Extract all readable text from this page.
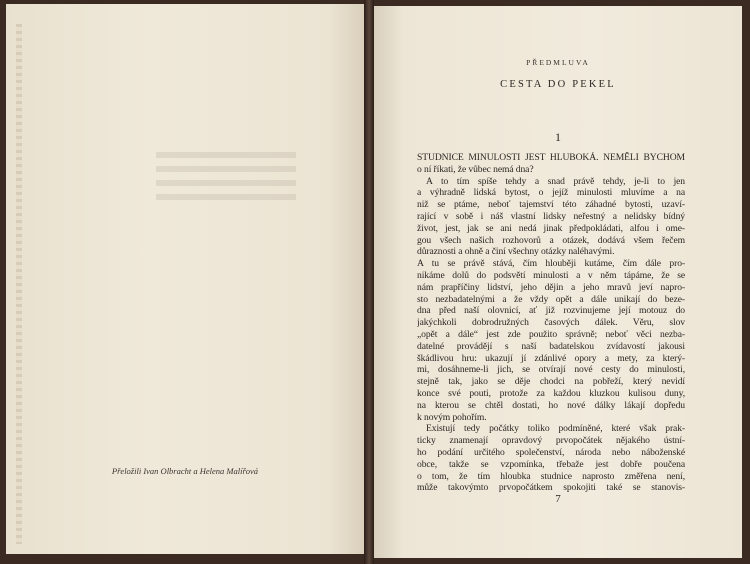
Přeložili Ivan Olbracht a Helena Malířová
PŘEDMLUVA
CESTA DO PEKEL
1
STUDNICE MINULOSTI JEST HLUBOKÁ. NEMĚLI BYCHOM
o ní říkati, že vůbec nemá dna?
A to tím spíše tehdy a snad právě tehdy, je-li to jen
a výhradně lidská bytost, o jejíž minulosti mluvíme a na
niž se ptáme, neboť tajemství této záhadné bytosti, uzaví-
rající v sobě i náš vlastní lidsky neřestný a nelidsky bídný
život, jest, jak se ani nedá jinak předpokládati, alfou i ome-
gou všech našich rozhovorů a otázek, dodává všem řečem
důraznosti a ohně a činí všechny otázky naléhavými.
A tu se právě stává, čím hlouběji kutáme, čím dále pro-
nikáme dolů do podsvětí minulosti a v něm tápáme, že se
nám prapříčiny lidství, jeho dějin a jeho mravů jeví napro-
sto nezbadatelnými a že vždy opět a dále unikají do beze-
dna před naší olovnicí, ať již rozvinujeme její motouz do
jakýchkoli dobrodružných časových dálek. Věru, slov
„opět a dále“ jest zde použito správně; neboť věci nezba-
datelné provádějí s naší badatelskou zvídavostí jakousi
škádlivou hru: ukazují jí zdánlivé opory a mety, za který-
mi, dosáhneme-li jich, se otvírají nové cesty do minulosti,
stejně tak, jako se děje chodci na pobřeží, který nevidí
konce své pouti, protože za každou kluzkou kulisou duny,
na kterou se chtěl dostati, ho nové dálky lákají dopředu
k novým pohořím.
Existují tedy počátky toliko podmíněné, které však prak-
ticky znamenají opravdový prvopočátek nějakého ústní-
ho podání určitého společenství, národa nebo náboženské
obce, takže se vzpomínka, třebaže jest dobře poučena
o tom, že tím hloubka studnice naprosto změřena není,
může takovýmto prvopočátkem spokojiti také se stanovis-
7
